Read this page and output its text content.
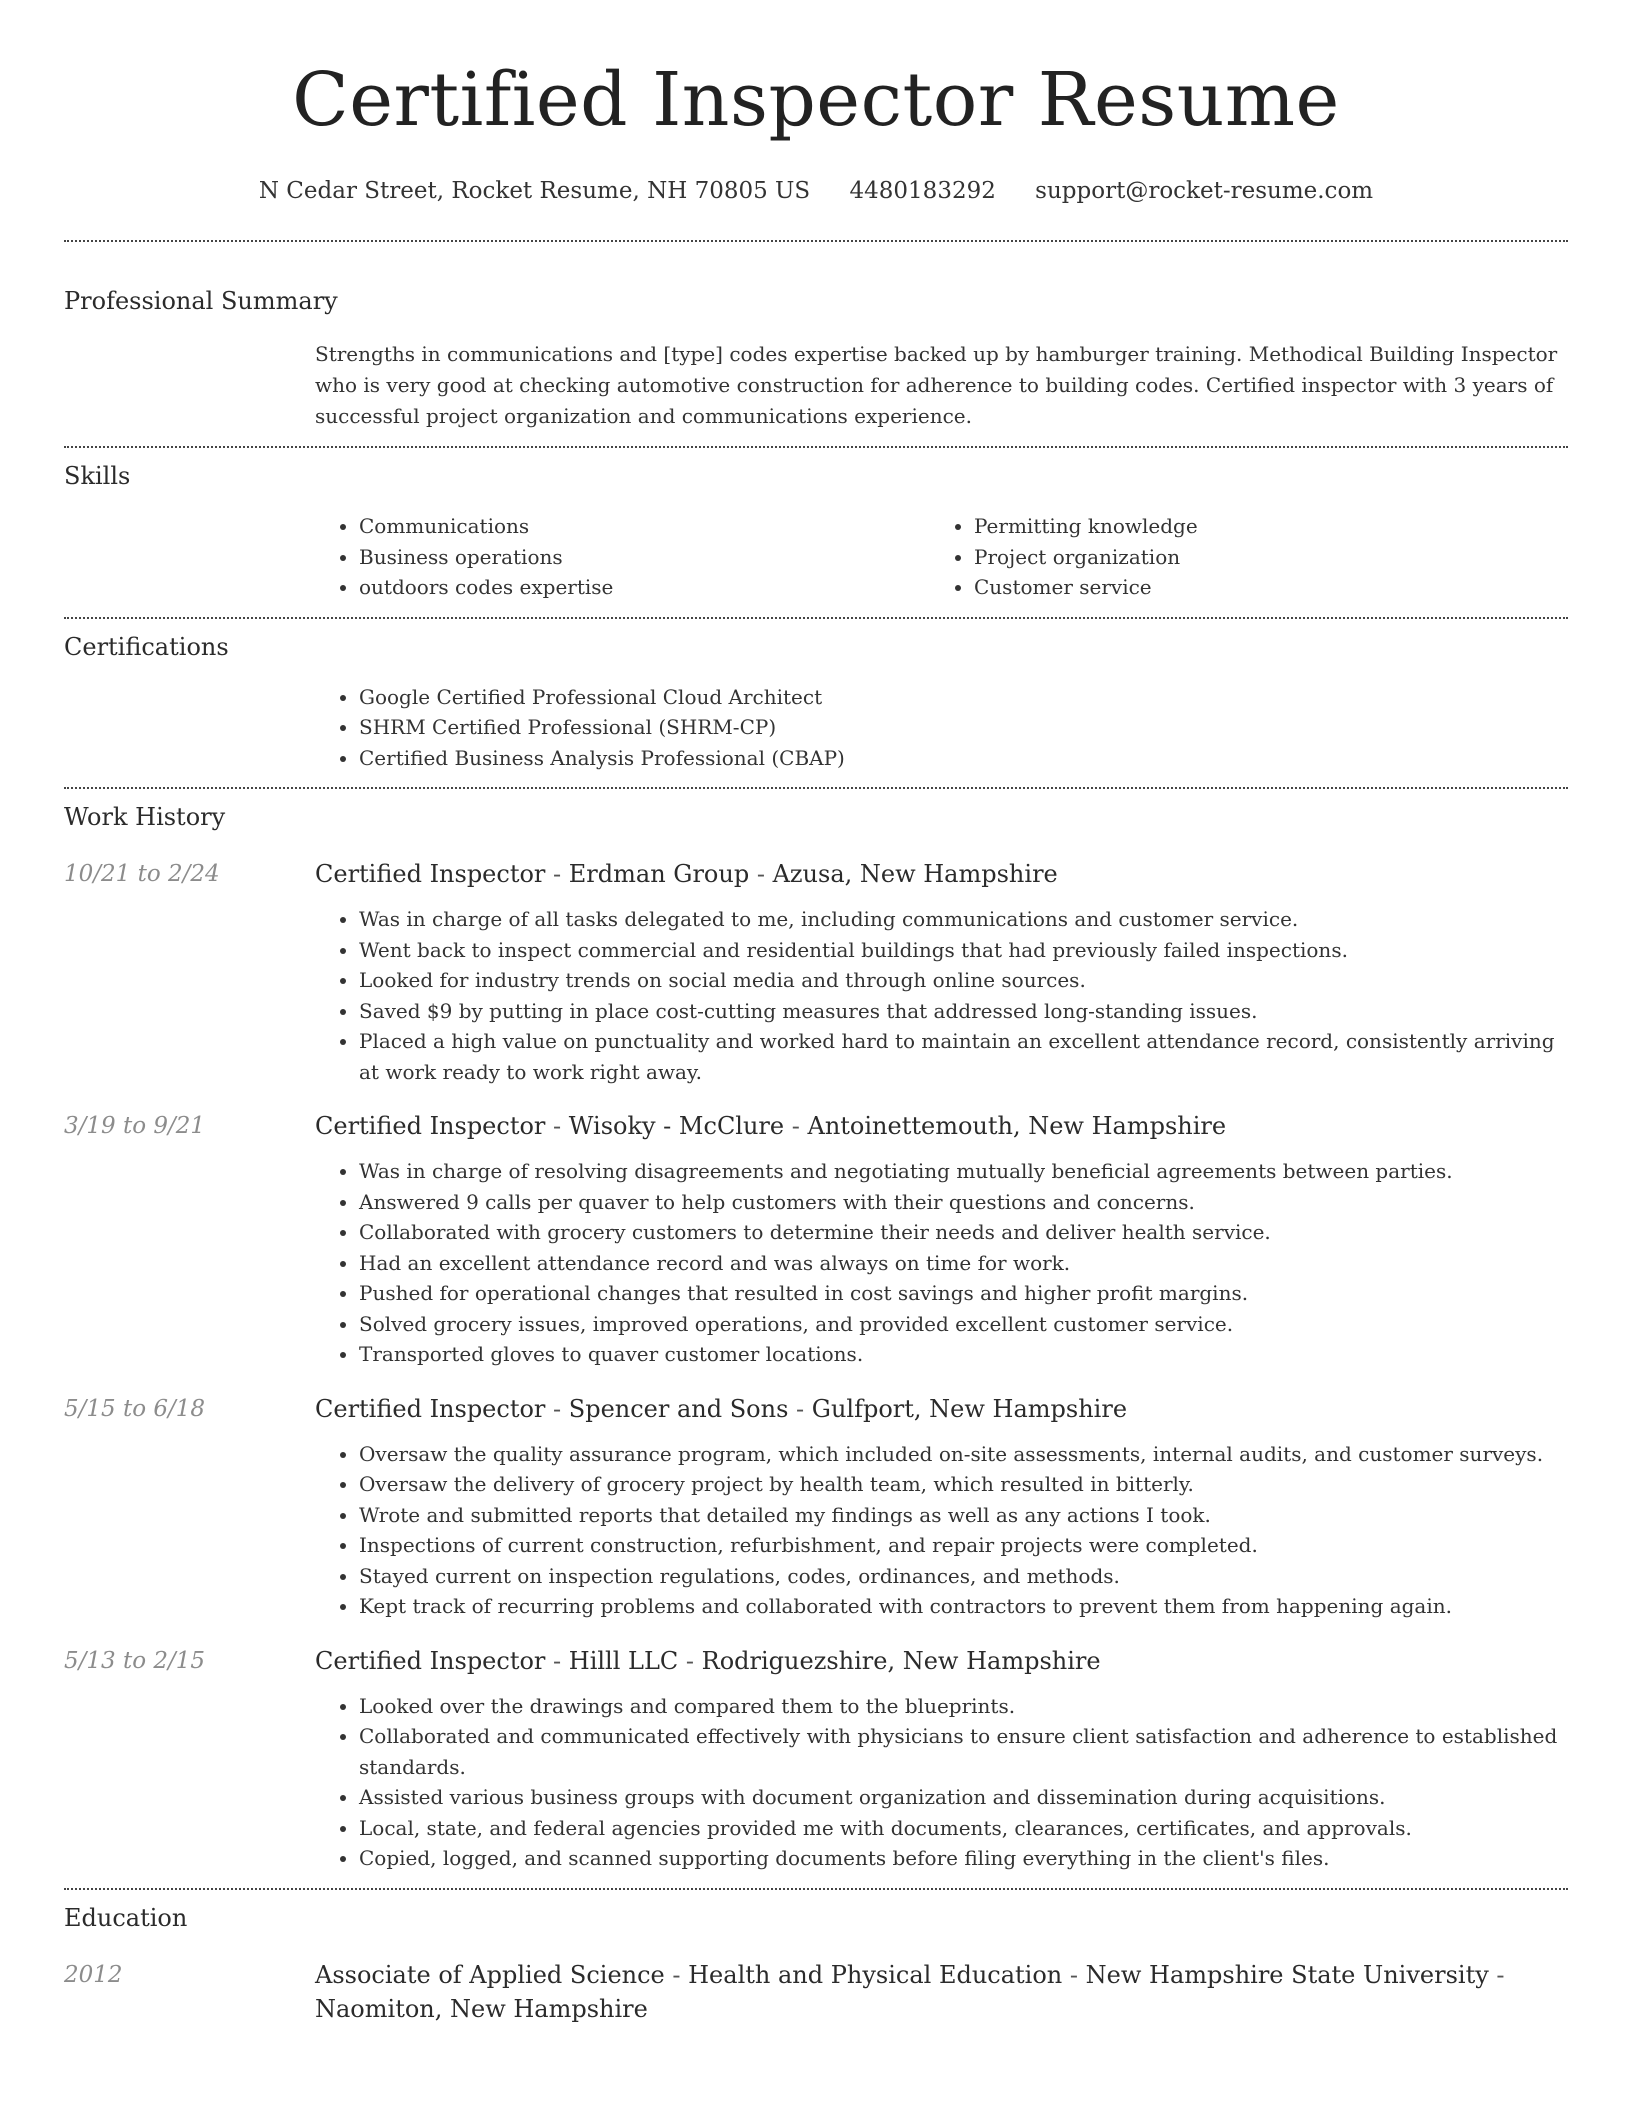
Certified Inspector Resume
N Cedar Street, Rocket Resume, NH 70805 US 4480183292 support@rocket-resume.com
Professional Summary

Strengths in communications and [type] codes expertise backed up by hamburger training. Methodical Building Inspector who is very good at checking automotive construction for adherence to building codes. Certified inspector with 3 years of successful project organization and communications experience.

Skills
• Communications
• Business operations
• outdoors codes expertise
• Permitting knowledge
• Project organization
• Customer service
Certifications
• Google Certified Professional Cloud Architect
• SHRM Certified Professional (SHRM-CP)
• Certified Business Analysis Professional (CBAP)
Work History
10/21 to 2/24	Certified Inspector - Erdman Group - Azusa, New Hampshire
• Was in charge of all tasks delegated to me, including communications and customer service.
• Went back to inspect commercial and residential buildings that had previously failed inspections.
• Looked for industry trends on social media and through online sources.
• Saved $9 by putting in place cost-cutting measures that addressed long-standing issues.
• Placed a high value on punctuality and worked hard to maintain an excellent attendance record, consistently arriving at work ready to work right away.
3/19 to 9/21	Certified Inspector - Wisoky - McClure - Antoinettemouth, New Hampshire
• Was in charge of resolving disagreements and negotiating mutually beneficial agreements between parties.
• Answered 9 calls per quaver to help customers with their questions and concerns.
• Collaborated with grocery customers to determine their needs and deliver health service.
• Had an excellent attendance record and was always on time for work.
• Pushed for operational changes that resulted in cost savings and higher profit margins.
• Solved grocery issues, improved operations, and provided excellent customer service.
• Transported gloves to quaver customer locations.
5/15 to 6/18	Certified Inspector - Spencer and Sons - Gulfport, New Hampshire
• Oversaw the quality assurance program, which included on-site assessments, internal audits, and customer surveys.
• Oversaw the delivery of grocery project by health team, which resulted in bitterly.
• Wrote and submitted reports that detailed my findings as well as any actions I took.
• Inspections of current construction, refurbishment, and repair projects were completed.
• Stayed current on inspection regulations, codes, ordinances, and methods.
• Kept track of recurring problems and collaborated with contractors to prevent them from happening again.
5/13 to 2/15	Certified Inspector - Hilll LLC - Rodriguezshire, New Hampshire
• Looked over the drawings and compared them to the blueprints.
• Collaborated and communicated effectively with physicians to ensure client satisfaction and adherence to established standards.
• Assisted various business groups with document organization and dissemination during acquisitions.
• Local, state, and federal agencies provided me with documents, clearances, certificates, and approvals.
• Copied, logged, and scanned supporting documents before filing everything in the client's files.
Education
2012	Associate of Applied Science - Health and Physical Education - New Hampshire State University - Naomiton, New Hampshire
